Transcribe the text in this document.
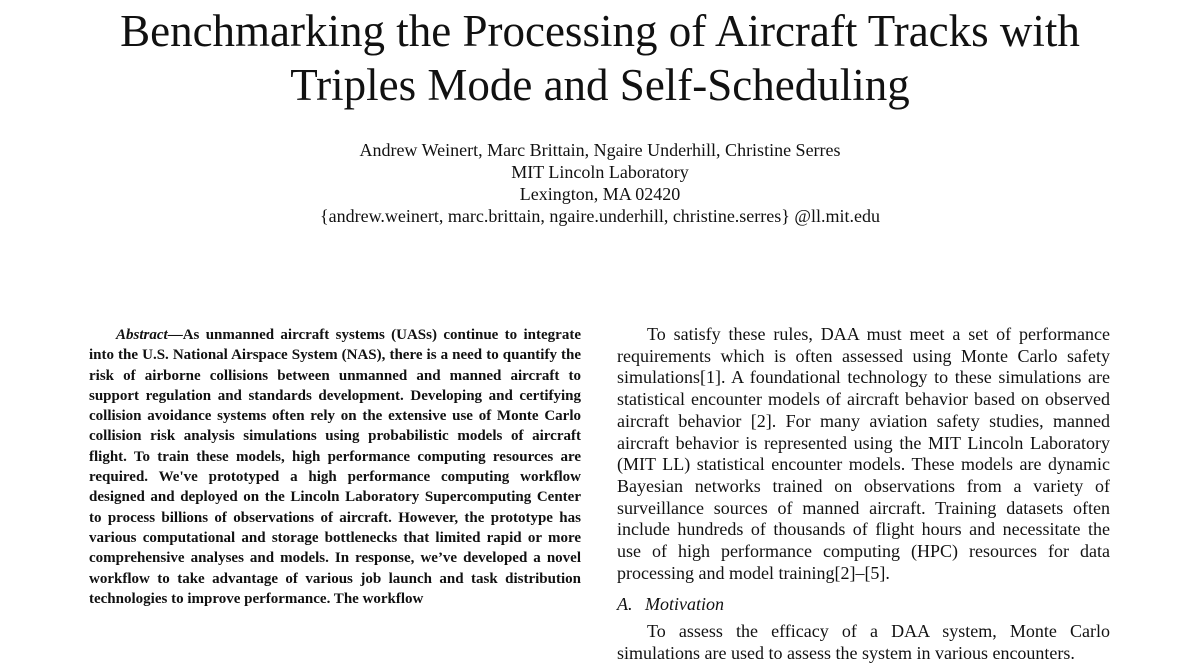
Benchmarking the Processing of Aircraft Tracks with
Triples Mode and Self-Scheduling
Andrew Weinert, Marc Brittain, Ngaire Underhill, Christine Serres
MIT Lincoln Laboratory
Lexington, MA 02420
{andrew.weinert, marc.brittain, ngaire.underhill, christine.serres} @ll.mit.edu

Abstract—As unmanned aircraft systems (UASs) continue to integrate into the U.S. National Airspace System (NAS), there is a need to quantify the risk of airborne collisions between unmanned and manned aircraft to support regulation and standards development. Developing and certifying collision avoidance systems often rely on the extensive use of Monte Carlo collision risk analysis simulations using probabilistic models of aircraft flight. To train these models, high performance computing resources are required. We've prototyped a high performance computing workflow designed and deployed on the Lincoln Laboratory Supercomputing Center to process billions of observations of aircraft. However, the prototype has various computational and storage bottlenecks that limited rapid or more comprehensive analyses and models. In response, we’ve developed a novel workflow to take advantage of various job launch and task distribution technologies to improve performance. The workflow

To satisfy these rules, DAA must meet a set of performance requirements which is often assessed using Monte Carlo safety simulations[1]. A foundational technology to these simulations are statistical encounter models of aircraft behavior based on observed aircraft behavior [2]. For many aviation safety studies, manned aircraft behavior is represented using the MIT Lincoln Laboratory (MIT LL) statistical encounter models. These models are dynamic Bayesian networks trained on observations from a variety of surveillance sources of manned aircraft. Training datasets often include hundreds of thousands of flight hours and necessitate the use of high performance computing (HPC) resources for data processing and model training[2]–[5].

A. Motivation

To assess the efficacy of a DAA system, Monte Carlo simulations are used to assess the system in various encounters.
